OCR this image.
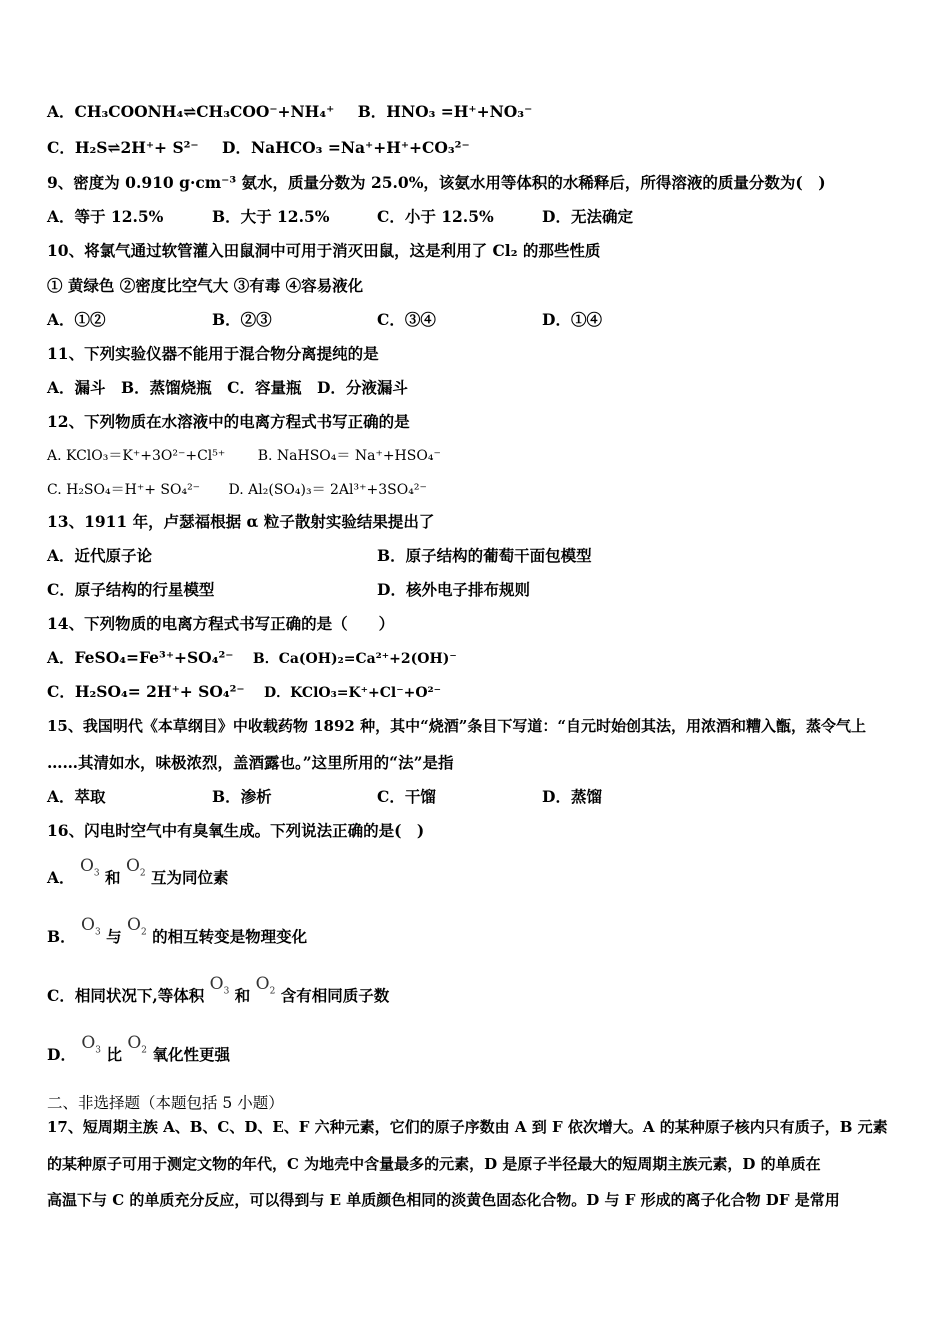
A．CH₃COONH₄⇌CH₃COO⁻+NH₄⁺ B．HNO₃ =H⁺+NO₃⁻
C．H₂S⇌2H⁺+ S²⁻ D．NaHCO₃ =Na⁺+H⁺+CO₃²⁻
9、密度为 0.910 g·cm⁻³ 氨水，质量分数为 25.0%，该氨水用等体积的水稀释后，所得溶液的质量分数为(　)
A．等于 12.5%	B．大于 12.5%	C．小于 12.5%	D．无法确定
10、将氯气通过软管灌入田鼠洞中可用于消灭田鼠，这是利用了 Cl₂ 的那些性质
① 黄绿色 ②密度比空气大 ③有毒 ④容易液化
A．①②	B．②③	C．③④	D．①④
11、下列实验仪器不能用于混合物分离提纯的是
A．漏斗　B．蒸馏烧瓶　C．容量瓶　D．分液漏斗
12、下列物质在水溶液中的电离方程式书写正确的是
A. KClO₃＝K⁺+3O²⁻+Cl⁵⁺ B. NaHSO₄＝ Na⁺+HSO₄⁻
C. H₂SO₄＝H⁺+ SO₄²⁻ D. Al₂(SO₄)₃＝ 2Al³⁺+3SO₄²⁻
13、1911 年，卢瑟福根据 α 粒子散射实验结果提出了
A．近代原子论	B．原子结构的葡萄干面包模型
C．原子结构的行星模型	D．核外电子排布规则
14、下列物质的电离方程式书写正确的是（　　）
A．FeSO₄=Fe³⁺+SO₄²⁻ B．Ca(OH)₂=Ca²⁺+2(OH)⁻
C．H₂SO₄= 2H⁺+ SO₄²⁻ D．KClO₃=K⁺+Cl⁻+O²⁻
15、我国明代《本草纲目》中收载药物 1892 种，其中“烧酒”条目下写道：“自元时始创其法，用浓酒和糟入甑，蒸令气上
……其清如水，味极浓烈，盖酒露也。”这里所用的“法”是指
A．萃取	B．渗析	C．干馏	D．蒸馏
16、闪电时空气中有臭氧生成。下列说法正确的是(　)
A． $O_3$ 和 $O_2$ 互为同位素
B． $O_3$ 与 $O_2$ 的相互转变是物理变化
C．相同状况下,等体积 $O_3$ 和 $O_2$ 含有相同质子数
D． $O_3$ 比 $O_2$ 氧化性更强
二、非选择题（本题包括 5 小题）
17、短周期主族 A、B、C、D、E、F 六种元素，它们的原子序数由 A 到 F 依次增大。A 的某种原子核内只有质子，B 元素
的某种原子可用于测定文物的年代，C 为地壳中含量最多的元素，D 是原子半径最大的短周期主族元素，D 的单质在
高温下与 C 的单质充分反应，可以得到与 E 单质颜色相同的淡黄色固态化合物。D 与 F 形成的离子化合物 DF 是常用
